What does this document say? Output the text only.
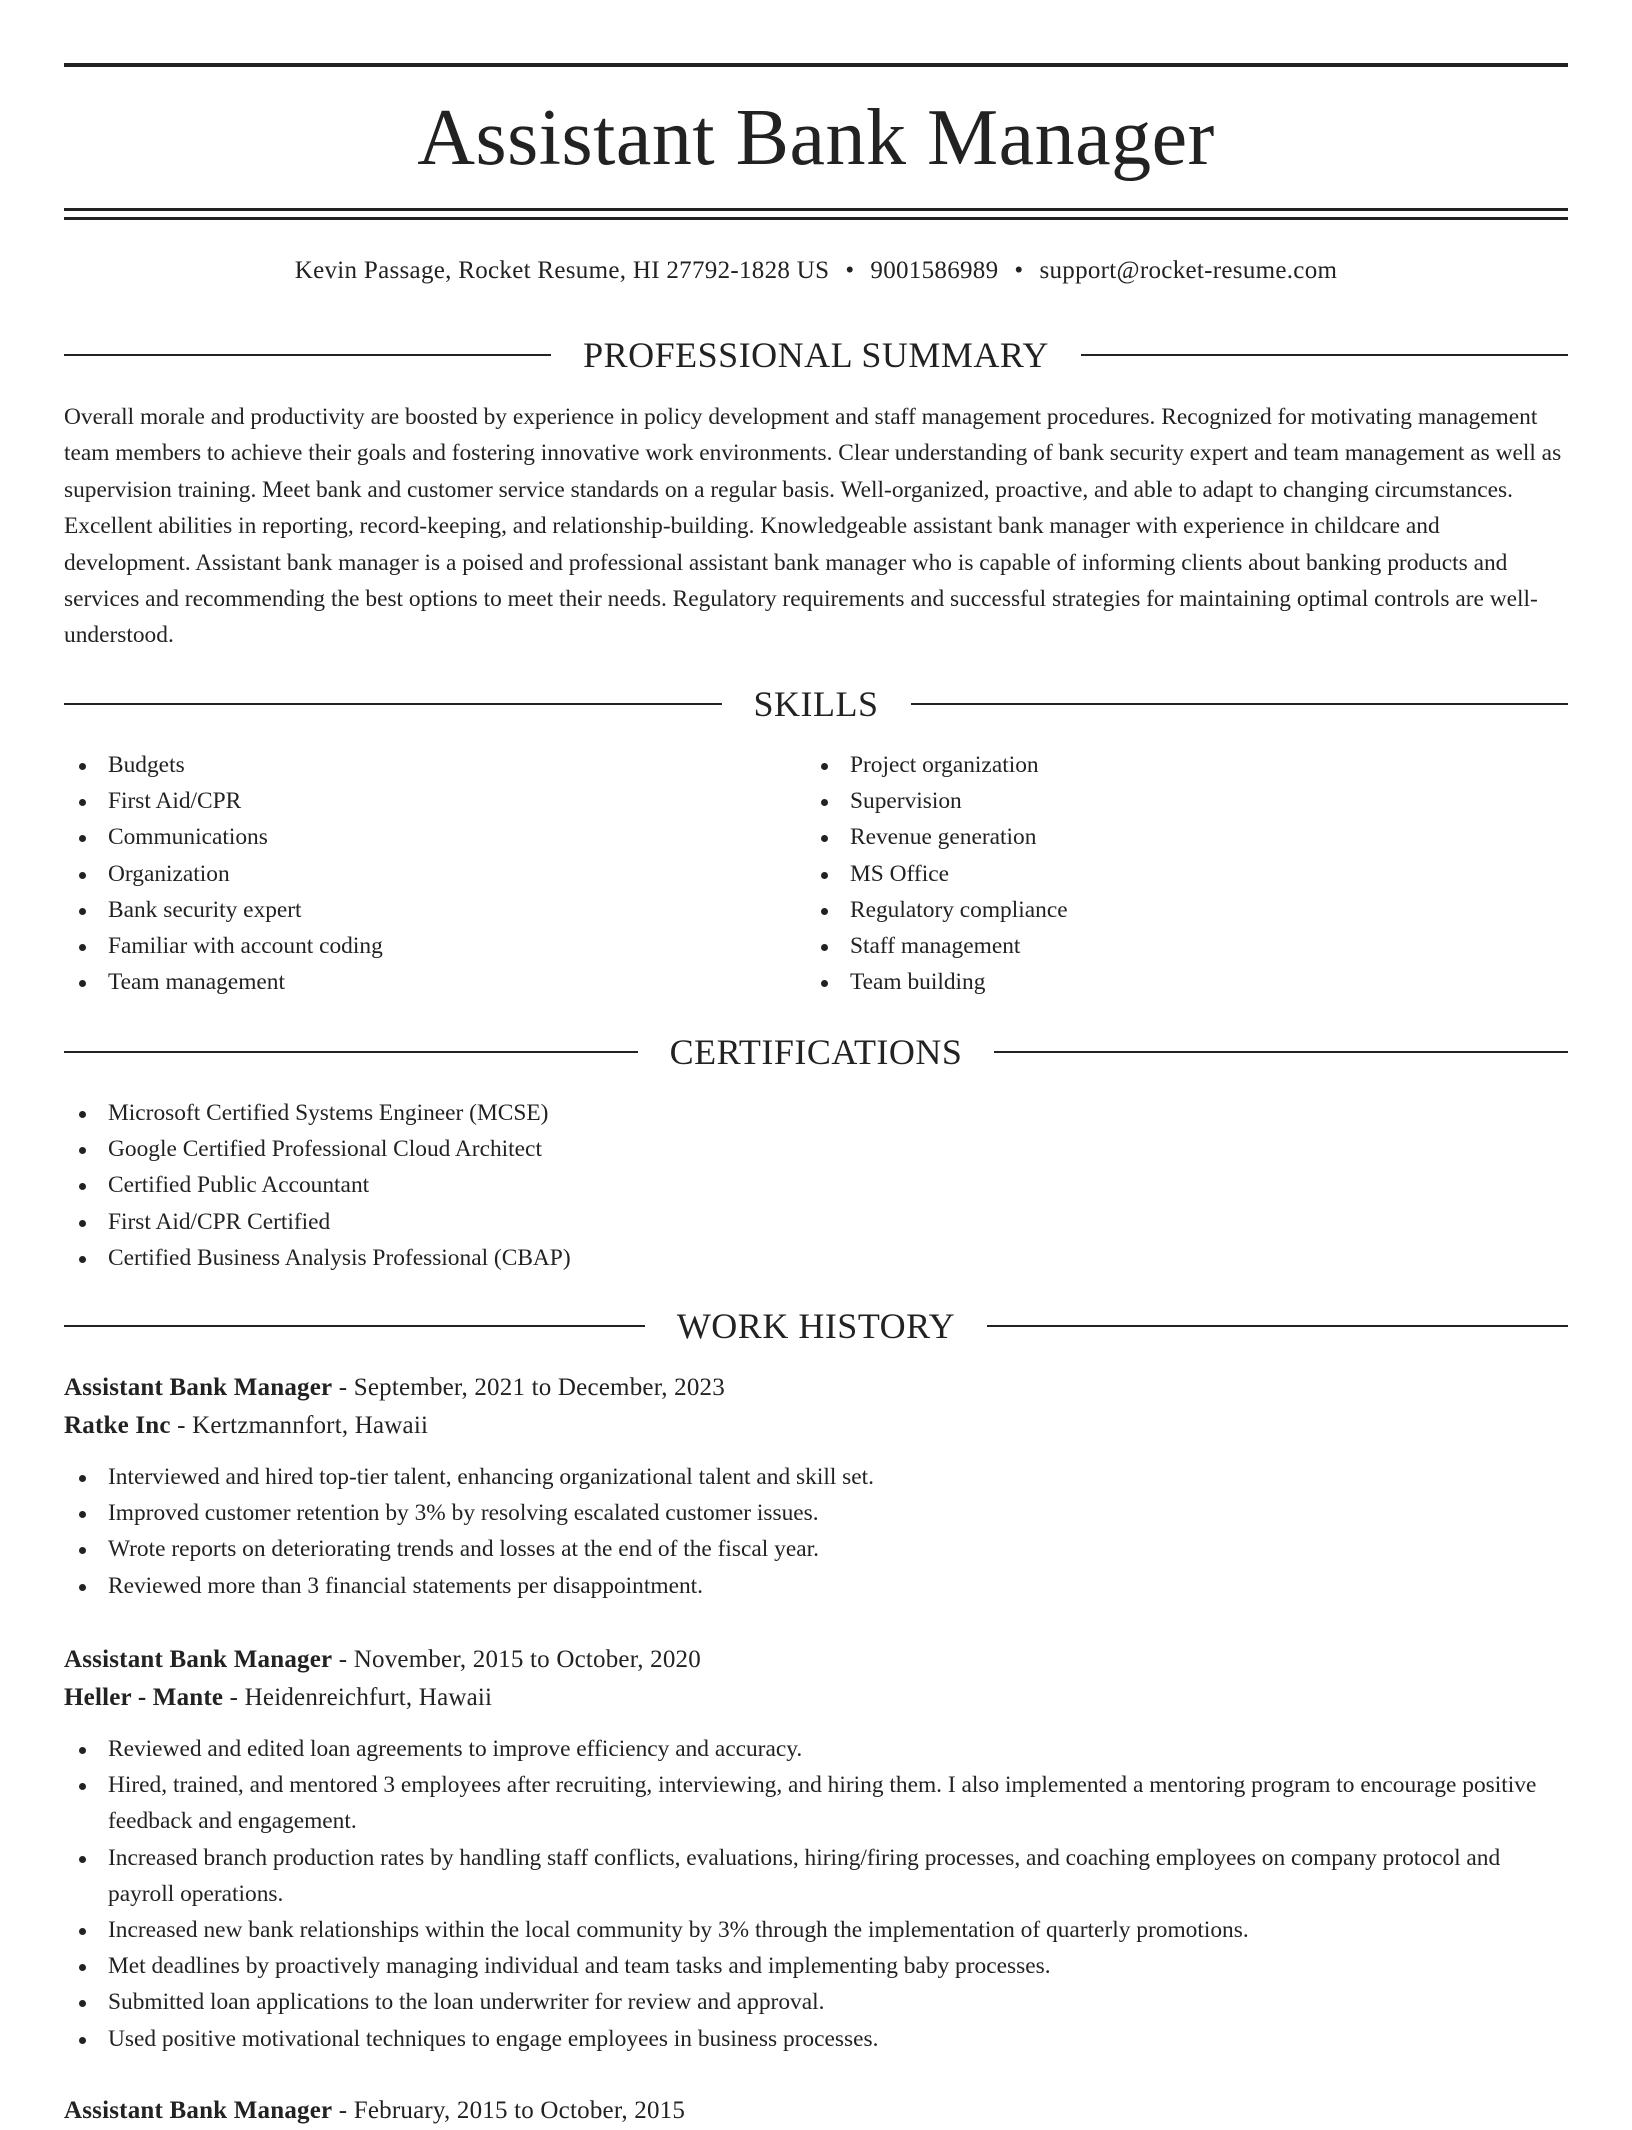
Assistant Bank Manager
Kevin Passage, Rocket Resume, HI 27792-1828 US • 9001586989 • support@rocket-resume.com
PROFESSIONAL SUMMARY

Overall morale and productivity are boosted by experience in policy development and staff management procedures. Recognized for motivating management team members to achieve their goals and fostering innovative work environments. Clear understanding of bank security expert and team management as well as supervision training. Meet bank and customer service standards on a regular basis. Well-organized, proactive, and able to adapt to changing circumstances. Excellent abilities in reporting, record-keeping, and relationship-building. Knowledgeable assistant bank manager with experience in childcare and development. Assistant bank manager is a poised and professional assistant bank manager who is capable of informing clients about banking products and services and recommending the best options to meet their needs. Regulatory requirements and successful strategies for maintaining optimal controls are well-understood.

SKILLS
Budgets
First Aid/CPR
Communications
Organization
Bank security expert
Familiar with account coding
Team management
Project organization
Supervision
Revenue generation
MS Office
Regulatory compliance
Staff management
Team building
CERTIFICATIONS
Microsoft Certified Systems Engineer (MCSE)
Google Certified Professional Cloud Architect
Certified Public Accountant
First Aid/CPR Certified
Certified Business Analysis Professional (CBAP)
WORK HISTORY
Assistant Bank Manager - September, 2021 to December, 2023
Ratke Inc - Kertzmannfort, Hawaii
Interviewed and hired top-tier talent, enhancing organizational talent and skill set.
Improved customer retention by 3% by resolving escalated customer issues.
Wrote reports on deteriorating trends and losses at the end of the fiscal year.
Reviewed more than 3 financial statements per disappointment.
Assistant Bank Manager - November, 2015 to October, 2020
Heller - Mante - Heidenreichfurt, Hawaii
Reviewed and edited loan agreements to improve efficiency and accuracy.
Hired, trained, and mentored 3 employees after recruiting, interviewing, and hiring them. I also implemented a mentoring program to encourage positive feedback and engagement.
Increased branch production rates by handling staff conflicts, evaluations, hiring/firing processes, and coaching employees on company protocol and payroll operations.
Increased new bank relationships within the local community by 3% through the implementation of quarterly promotions.
Met deadlines by proactively managing individual and team tasks and implementing baby processes.
Submitted loan applications to the loan underwriter for review and approval.
Used positive motivational techniques to engage employees in business processes.
Assistant Bank Manager - February, 2015 to October, 2015
